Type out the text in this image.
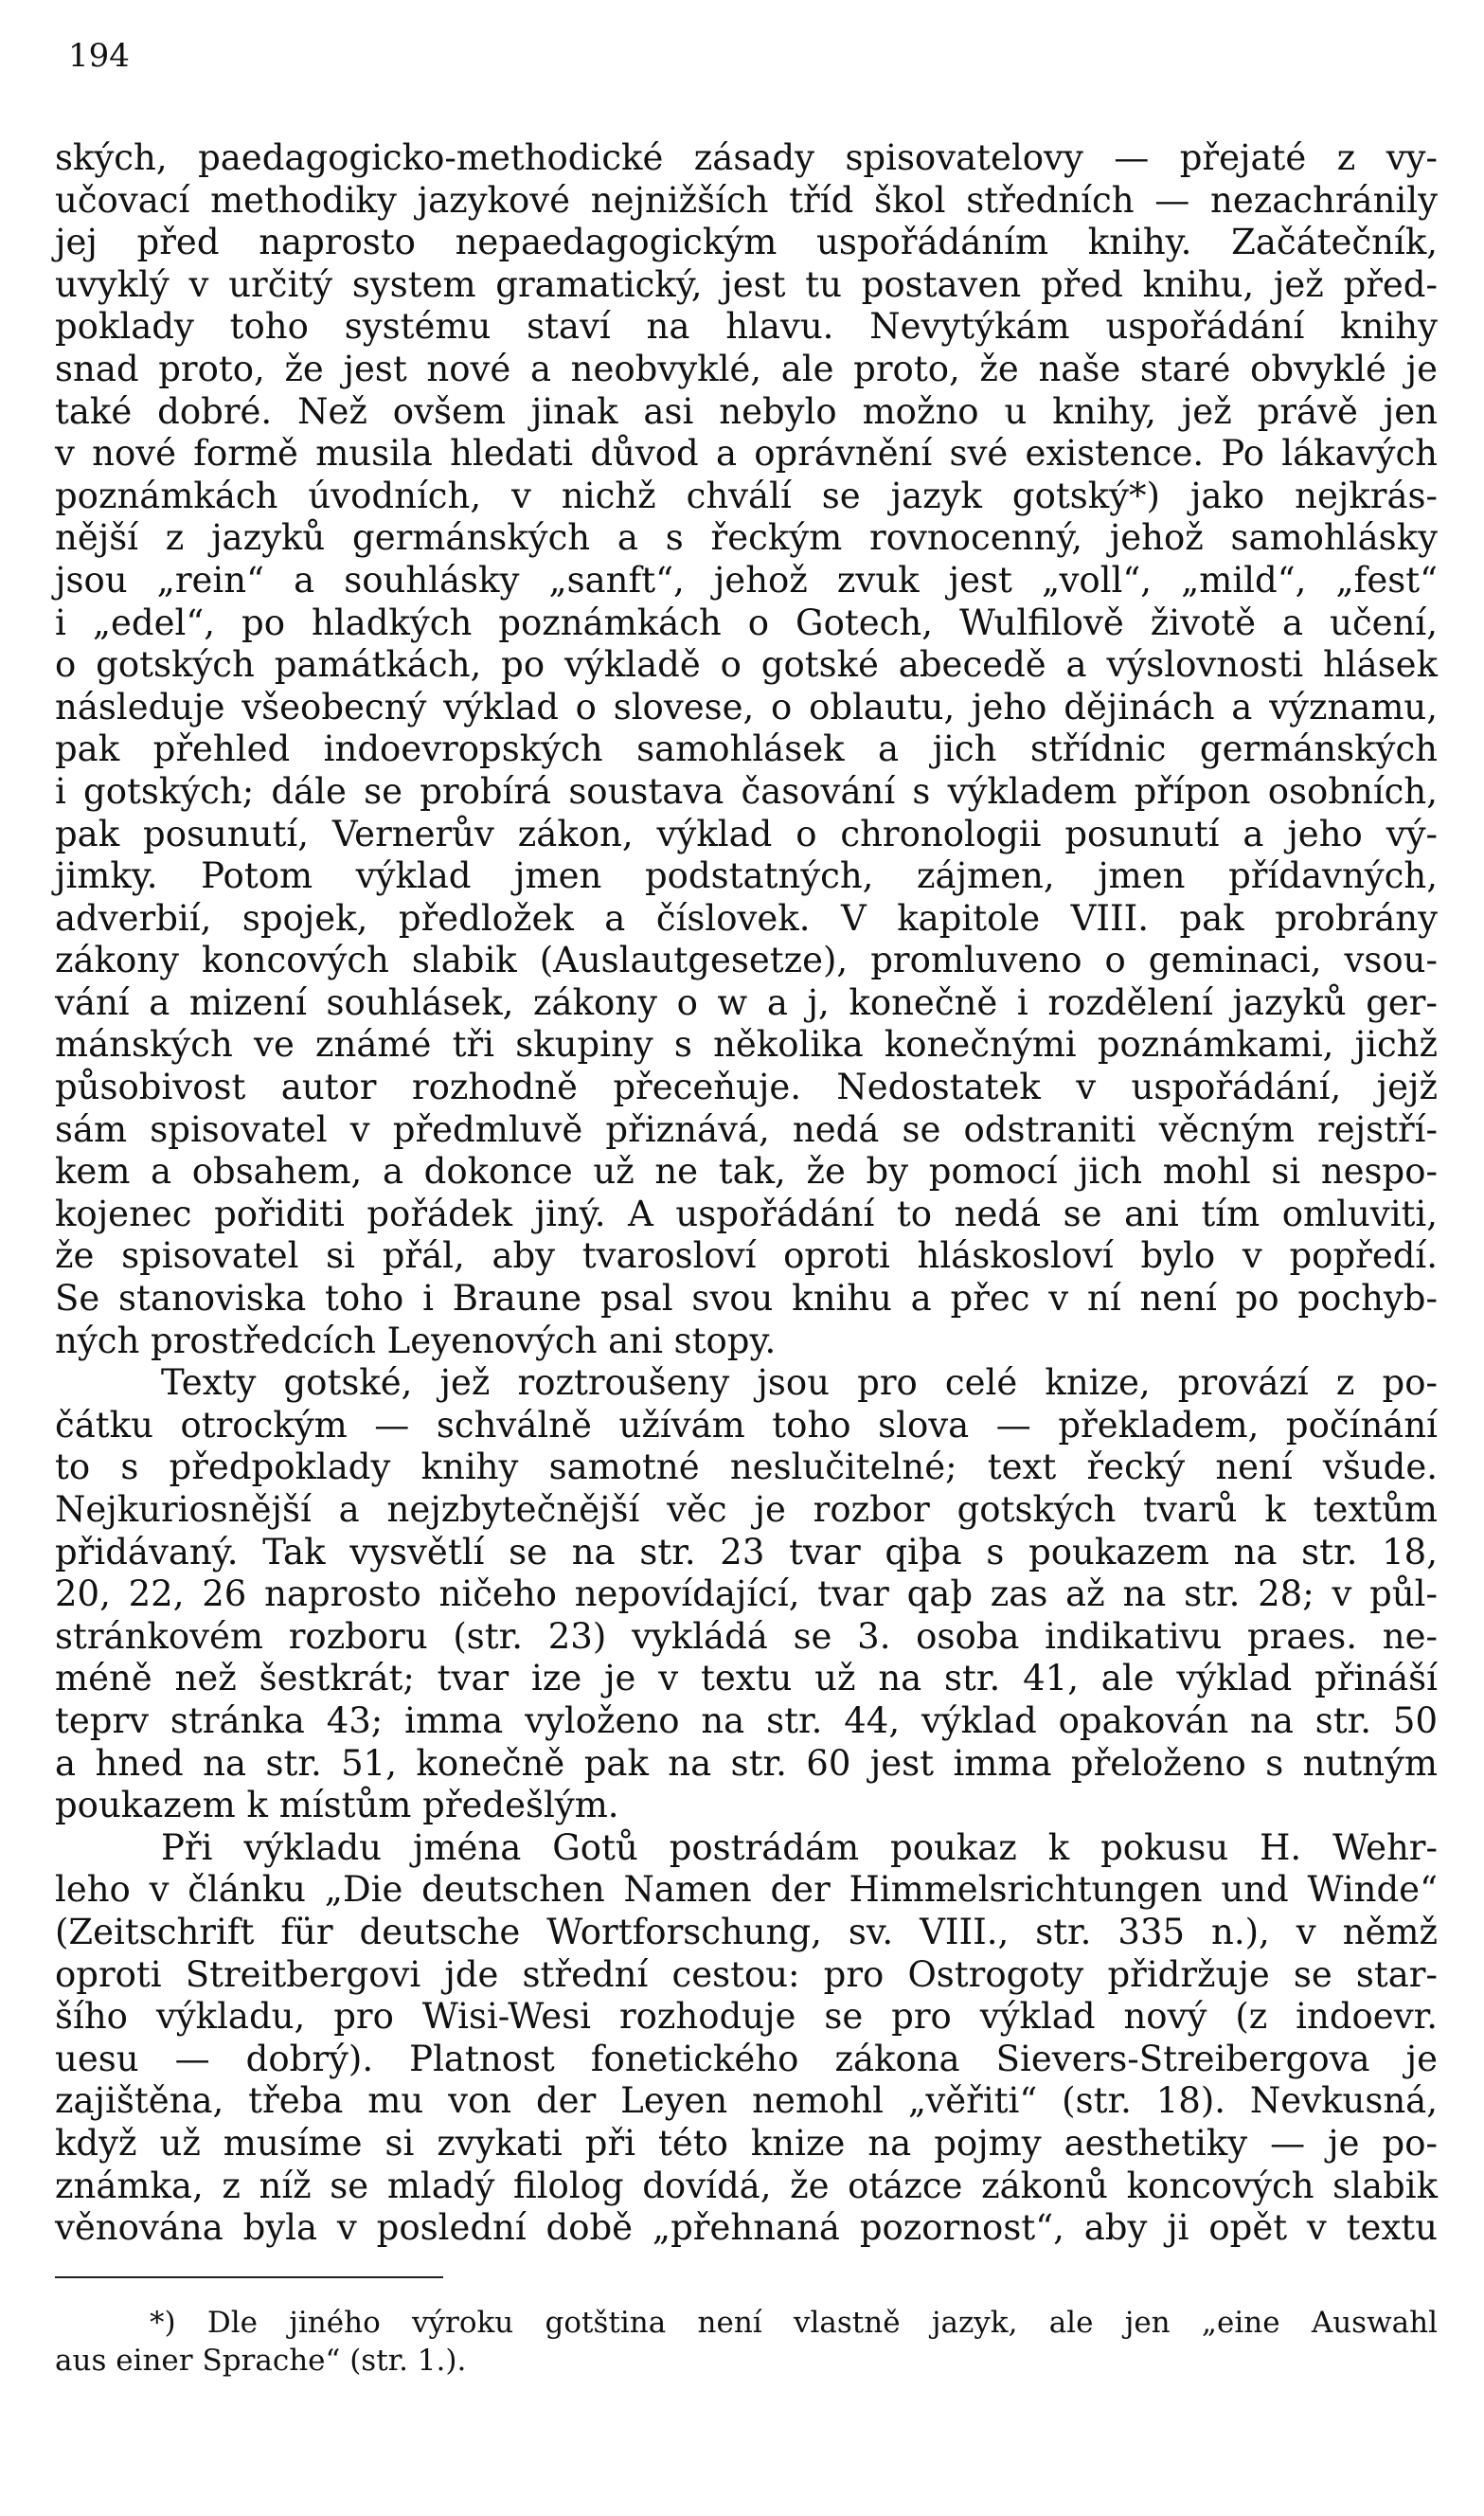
194
ských, paedagogicko-methodické zásady spisovatelovy — přejaté z vy-
učovací methodiky jazykové nejnižších tříd škol středních — nezachránily
jej před naprosto nepaedagogickým uspořádáním knihy. Začátečník,
uvyklý v určitý system gramatický, jest tu postaven před knihu, jež před-
poklady toho systému staví na hlavu. Nevytýkám uspořádání knihy
snad proto, že jest nové a neobvyklé, ale proto, že naše staré obvyklé je
také dobré. Než ovšem jinak asi nebylo možno u knihy, jež právě jen
v nové formě musila hledati důvod a oprávnění své existence. Po lákavých
poznámkách úvodních, v nichž chválí se jazyk gotský*) jako nejkrás-
nější z jazyků germánských a s řeckým rovnocenný, jehož samohlásky
jsou „rein“ a souhlásky „sanft“, jehož zvuk jest „voll“, „mild“, „fest“
i „edel“, po hladkých poznámkách o Gotech, Wulfilově životě a učení,
o gotských památkách, po výkladě o gotské abecedě a výslovnosti hlásek
následuje všeobecný výklad o slovese, o oblautu, jeho dějinách a významu,
pak přehled indoevropských samohlásek a jich střídnic germánských
i gotských; dále se probírá soustava časování s výkladem přípon osobních,
pak posunutí, Vernerův zákon, výklad o chronologii posunutí a jeho vý-
jimky. Potom výklad jmen podstatných, zájmen, jmen přídavných,
adverbií, spojek, předložek a číslovek. V kapitole VIII. pak probrány
zákony koncových slabik (Auslautgesetze), promluveno o geminaci, vsou-
vání a mizení souhlásek, zákony o w a j, konečně i rozdělení jazyků ger-
mánských ve známé tři skupiny s několika konečnými poznámkami, jichž
působivost autor rozhodně přeceňuje. Nedostatek v uspořádání, jejž
sám spisovatel v předmluvě přiznává, nedá se odstraniti věcným rejstří-
kem a obsahem, a dokonce už ne tak, že by pomocí jich mohl si nespo-
kojenec pořiditi pořádek jiný. A uspořádání to nedá se ani tím omluviti,
že spisovatel si přál, aby tvarosloví oproti hláskosloví bylo v popředí.
Se stanoviska toho i Braune psal svou knihu a přec v ní není po pochyb-
ných prostředcích Leyenových ani stopy.
Texty gotské, jež roztroušeny jsou pro celé knize, provází z po-
čátku otrockým — schválně užívám toho slova — překladem, počínání
to s předpoklady knihy samotné neslučitelné; text řecký není všude.
Nejkuriosnější a nejzbytečnější věc je rozbor gotských tvarů k textům
přidávaný. Tak vysvětlí se na str. 23 tvar qiþa s poukazem na str. 18,
20, 22, 26 naprosto ničeho nepovídající, tvar qaþ zas až na str. 28; v půl-
stránkovém rozboru (str. 23) vykládá se 3. osoba indikativu praes. ne-
méně než šestkrát; tvar ize je v textu už na str. 41, ale výklad přináší
teprv stránka 43; imma vyloženo na str. 44, výklad opakován na str. 50
a hned na str. 51, konečně pak na str. 60 jest imma přeloženo s nutným
poukazem k místům předešlým.
Při výkladu jména Gotů postrádám poukaz k pokusu H. Wehr-
leho v článku „Die deutschen Namen der Himmelsrichtungen und Winde“
(Zeitschrift für deutsche Wortforschung, sv. VIII., str. 335 n.), v němž
oproti Streitbergovi jde střední cestou: pro Ostrogoty přidržuje se star-
šího výkladu, pro Wisi-Wesi rozhoduje se pro výklad nový (z indoevr.
uesu — dobrý). Platnost fonetického zákona Sievers-Streibergova je
zajištěna, třeba mu von der Leyen nemohl „věřiti“ (str. 18). Nevkusná,
když už musíme si zvykati při této knize na pojmy aesthetiky — je po-
známka, z níž se mladý filolog dovídá, že otázce zákonů koncových slabik
věnována byla v poslední době „přehnaná pozornost“, aby ji opět v textu
*) Dle jiného výroku gotština není vlastně jazyk, ale jen „eine Auswahl
aus einer Sprache“ (str. 1.).
